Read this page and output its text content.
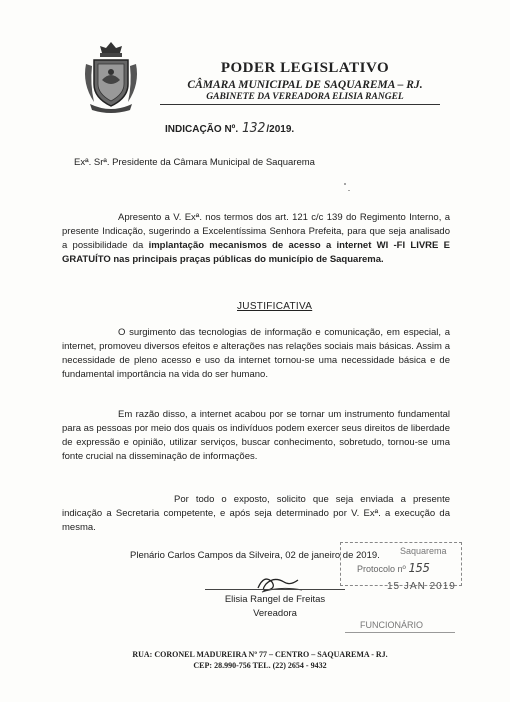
PODER LEGISLATIVO
CÂMARA MUNICIPAL DE SAQUAREMA – RJ.
GABINETE DA VEREADORA ELISIA RANGEL
INDICAÇÃO Nº. 132/2019.
Exª. Srª. Presidente da Câmara Municipal de Saquarema
Apresento a V. Exª. nos termos dos art. 121 c/c 139 do Regimento Interno, a presente Indicação, sugerindo a Excelentíssima Senhora Prefeita, para que seja analisado a possibilidade da implantação mecanismos de acesso a internet WI -FI LIVRE E GRATUÍTO nas principais praças públicas do município de Saquarema.
JUSTIFICATIVA
O surgimento das tecnologias de informação e comunicação, em especial, a internet, promoveu diversos efeitos e alterações nas relações sociais mais básicas. Assim a necessidade de pleno acesso e uso da internet tornou-se uma necessidade básica e de fundamental importância na vida do ser humano.
Em razão disso, a internet acabou por se tornar um instrumento fundamental para as pessoas por meio dos quais os indivíduos podem exercer seus direitos de liberdade de expressão e opinião, utilizar serviços, buscar conhecimento, sobretudo, tornou-se uma fonte crucial na disseminação de informações.
Por todo o exposto, solicito que seja enviada a presente indicação a Secretaria competente, e após seja determinado por V. Exª. a execução da mesma.
Plenário Carlos Campos da Silveira, 02 de janeiro de 2019. Saquarema
Protocolo nº 155
15 JAN 2019
Elisia Rangel de Freitas
Vereadora
FUNCIONÁRIO
RUA: CORONEL MADUREIRA Nº 77 – CENTRO – SAQUAREMA - RJ.
CEP: 28.990-756 TEL. (22) 2654 - 9432
